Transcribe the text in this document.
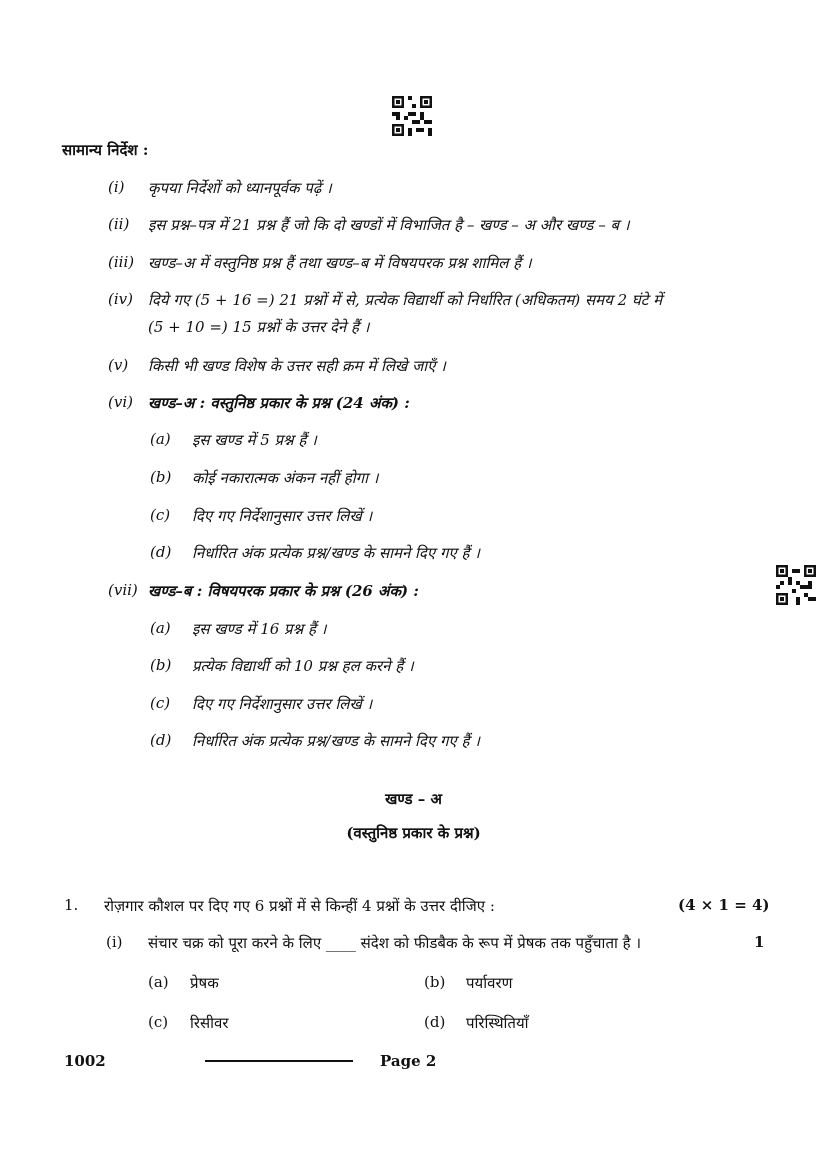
सामान्य निर्देश :
(i) कृपया निर्देशों को ध्यानपूर्वक पढ़ें ।
(ii) इस प्रश्न–पत्र में 21 प्रश्न हैं जो कि दो खण्डों में विभाजित है – खण्ड – अ और खण्ड – ब ।
(iii) खण्ड–अ में वस्तुनिष्ठ प्रश्न हैं तथा खण्ड–ब में विषयपरक प्रश्न शामिल हैं ।
(iv) दिये गए (5 + 16 =) 21 प्रश्नों में से, प्रत्येक विद्यार्थी को निर्धारित (अधिकतम) समय 2 घंटे में
(5 + 10 =) 15 प्रश्नों के उत्तर देने हैं ।
(v) किसी भी खण्ड विशेष के उत्तर सही क्रम में लिखे जाएँ ।
(vi) खण्ड–अ : वस्तुनिष्ठ प्रकार के प्रश्न (24 अंक) :
(a) इस खण्ड में 5 प्रश्न हैं ।
(b) कोई नकारात्मक अंकन नहीं होगा ।
(c) दिए गए निर्देशानुसार उत्तर लिखें ।
(d) निर्धारित अंक प्रत्येक प्रश्न/खण्ड के सामने दिए गए हैं ।
(vii) खण्ड–ब : विषयपरक प्रकार के प्रश्न (26 अंक) :
(a) इस खण्ड में 16 प्रश्न हैं ।
(b) प्रत्येक विद्यार्थी को 10 प्रश्न हल करने हैं ।
(c) दिए गए निर्देशानुसार उत्तर लिखें ।
(d) निर्धारित अंक प्रत्येक प्रश्न/खण्ड के सामने दिए गए हैं ।
खण्ड – अ
(वस्तुनिष्ठ प्रकार के प्रश्न)
1. रोज़गार कौशल पर दिए गए 6 प्रश्नों में से किन्हीं 4 प्रश्नों के उत्तर दीजिए :	(4 × 1 = 4)
(i) संचार चक्र को पूरा करने के लिए ____ संदेश को फीडबैक के रूप में प्रेषक तक पहुँचाता है ।	1
(a) प्रेषक	(b) पर्यावरण
(c) रिसीवर	(d) परिस्थितियाँ
1002	Page 2
